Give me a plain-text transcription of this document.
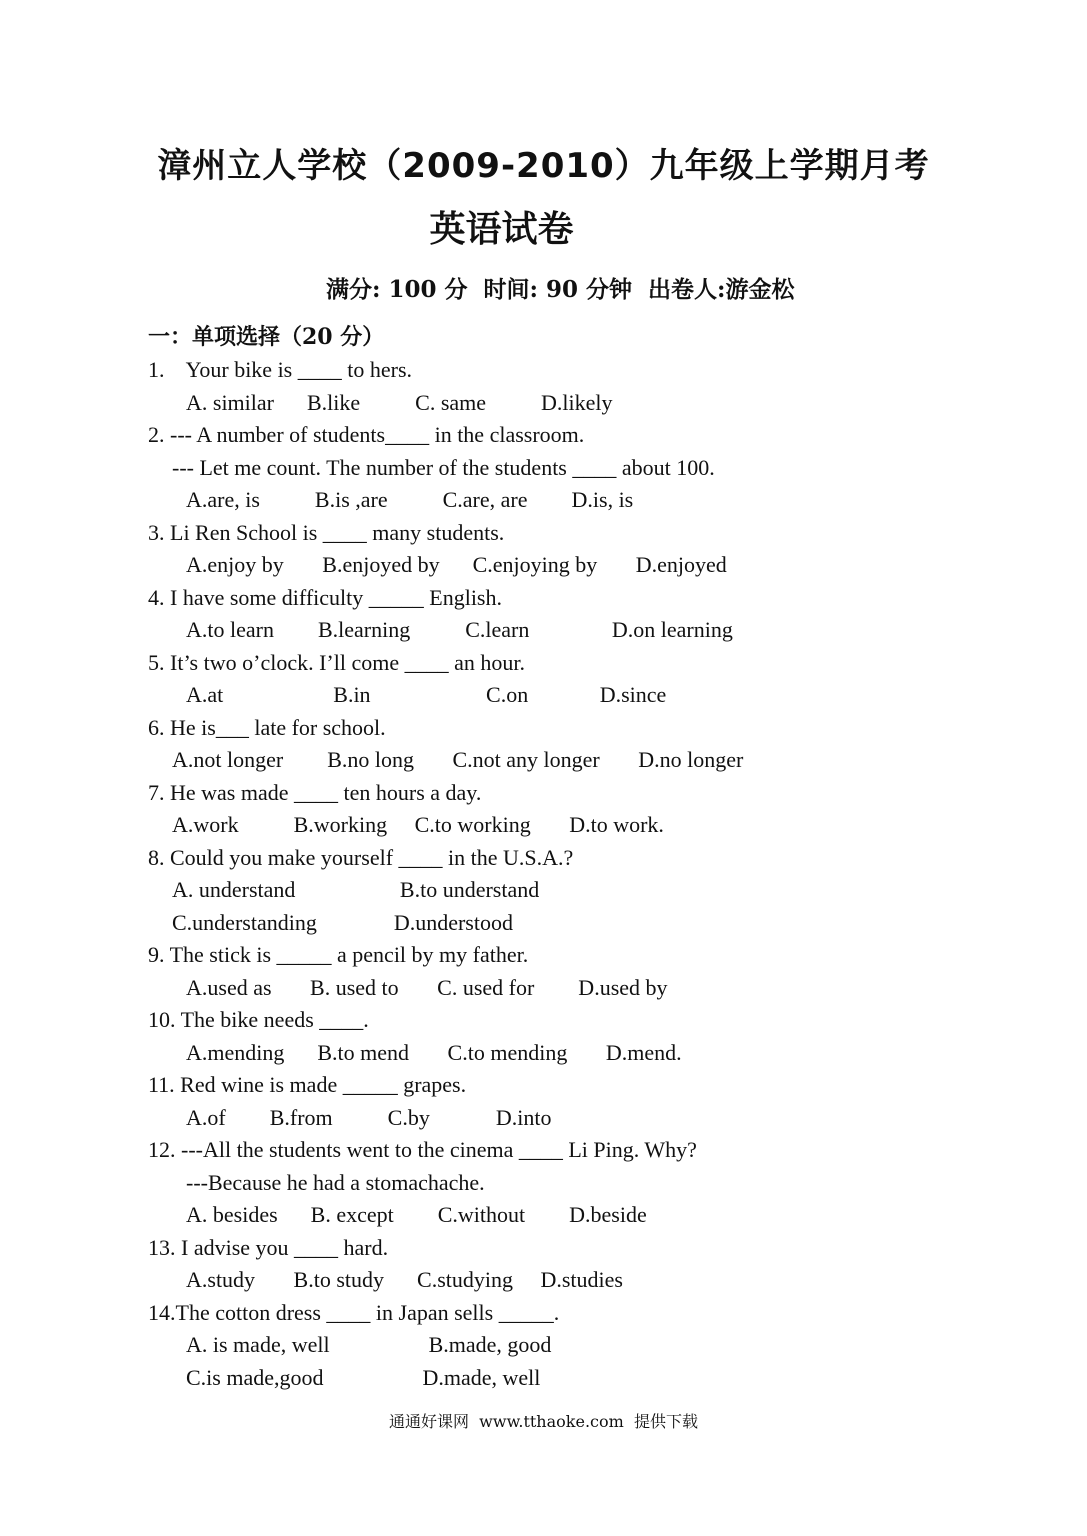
漳州立人学校（2009-2010）九年级上学期月考
英语试卷
满分: 100 分  时间: 90 分钟  出卷人:游金松
一：单项选择（20 分）
1.    Your bike is ____ to hers.
A. similar      B.like          C. same          D.likely
2. --- A number of students____ in the classroom.
--- Let me count. The number of the students ____ about 100.
A.are, is          B.is ,are          C.are, are        D.is, is
3. Li Ren School is ____ many students.
A.enjoy by       B.enjoyed by      C.enjoying by       D.enjoyed
4. I have some difficulty _____ English.
A.to learn        B.learning          C.learn               D.on learning
5. It’s two o’clock. I’ll come ____ an hour.
A.at                    B.in                     C.on             D.since
6. He is___ late for school.
A.not longer        B.no long       C.not any longer       D.no longer
7. He was made ____ ten hours a day.
A.work          B.working     C.to working       D.to work.
8. Could you make yourself ____ in the U.S.A.?
A. understand                   B.to understand
C.understanding              D.understood
9. The stick is _____ a pencil by my father.
A.used as       B. used to       C. used for        D.used by
10. The bike needs ____.
A.mending      B.to mend       C.to mending       D.mend.
11. Red wine is made _____ grapes.
A.of        B.from          C.by            D.into
12. ---All the students went to the cinema ____ Li Ping. Why?
---Because he had a stomachache.
A. besides      B. except        C.without        D.beside
13. I advise you ____ hard.
A.study       B.to study      C.studying     D.studies
14.The cotton dress ____ in Japan sells _____.
A. is made, well                  B.made, good
C.is made,good                  D.made, well
通通好课网  www.tthaoke.com  提供下载
